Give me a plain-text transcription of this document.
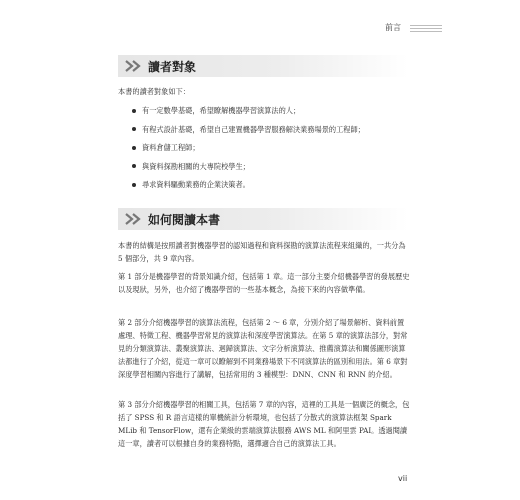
前言
讀者對象

本書的讀者對象如下：

有一定數學基礎，希望瞭解機器學習演算法的人；
有程式設計基礎，希望自己建置機器學習服務解決業務場景的工程師；
資料倉儲工程師；
與資料探勘相關的大專院校學生；
尋求資料驅動業務的企業決策者。
如何閱讀本書

本書的結構是按照讀者對機器學習的認知過程和資料探勘的演算法流程來組織的，一共分為 5 個部分，共 9 章內容。

第 1 部分是機器學習的背景知識介紹，包括第 1 章。這一部分主要介紹機器學習的發展歷史以及現狀，另外，也介紹了機器學習的一些基本概念，為接下來的內容做準備。

第 2 部分介紹機器學習的演算法流程，包括第 2 ～ 6 章，分別介紹了場景解析、資料前置處理、特徵工程、機器學習常見的演算法和深度學習演算法。在第 5 章的演算法部分，對常見的分類演算法、叢聚演算法、迴歸演算法、文字分析演算法、推薦演算法和關係圖形演算法都進行了介紹，從這一章可以瞭解到不同業務場景下不同演算法的區別和用法。第 6 章對深度學習相關內容進行了講解，包括常用的 3 種模型：DNN、CNN 和 RNN 的介紹。

第 3 部分介紹機器學習的相關工具，包括第 7 章的內容，這裡的工具是一個廣泛的概念，包括了 SPSS 和 R 語言這樣的單機統計分析環境，也包括了分散式的演算法框架 Spark MLib 和 TensorFlow，還有企業級的雲端演算法服務 AWS ML 和阿里雲 PAI。透過閱讀這一章，讀者可以根據自身的業務特點，選擇適合自己的演算法工具。

vii
